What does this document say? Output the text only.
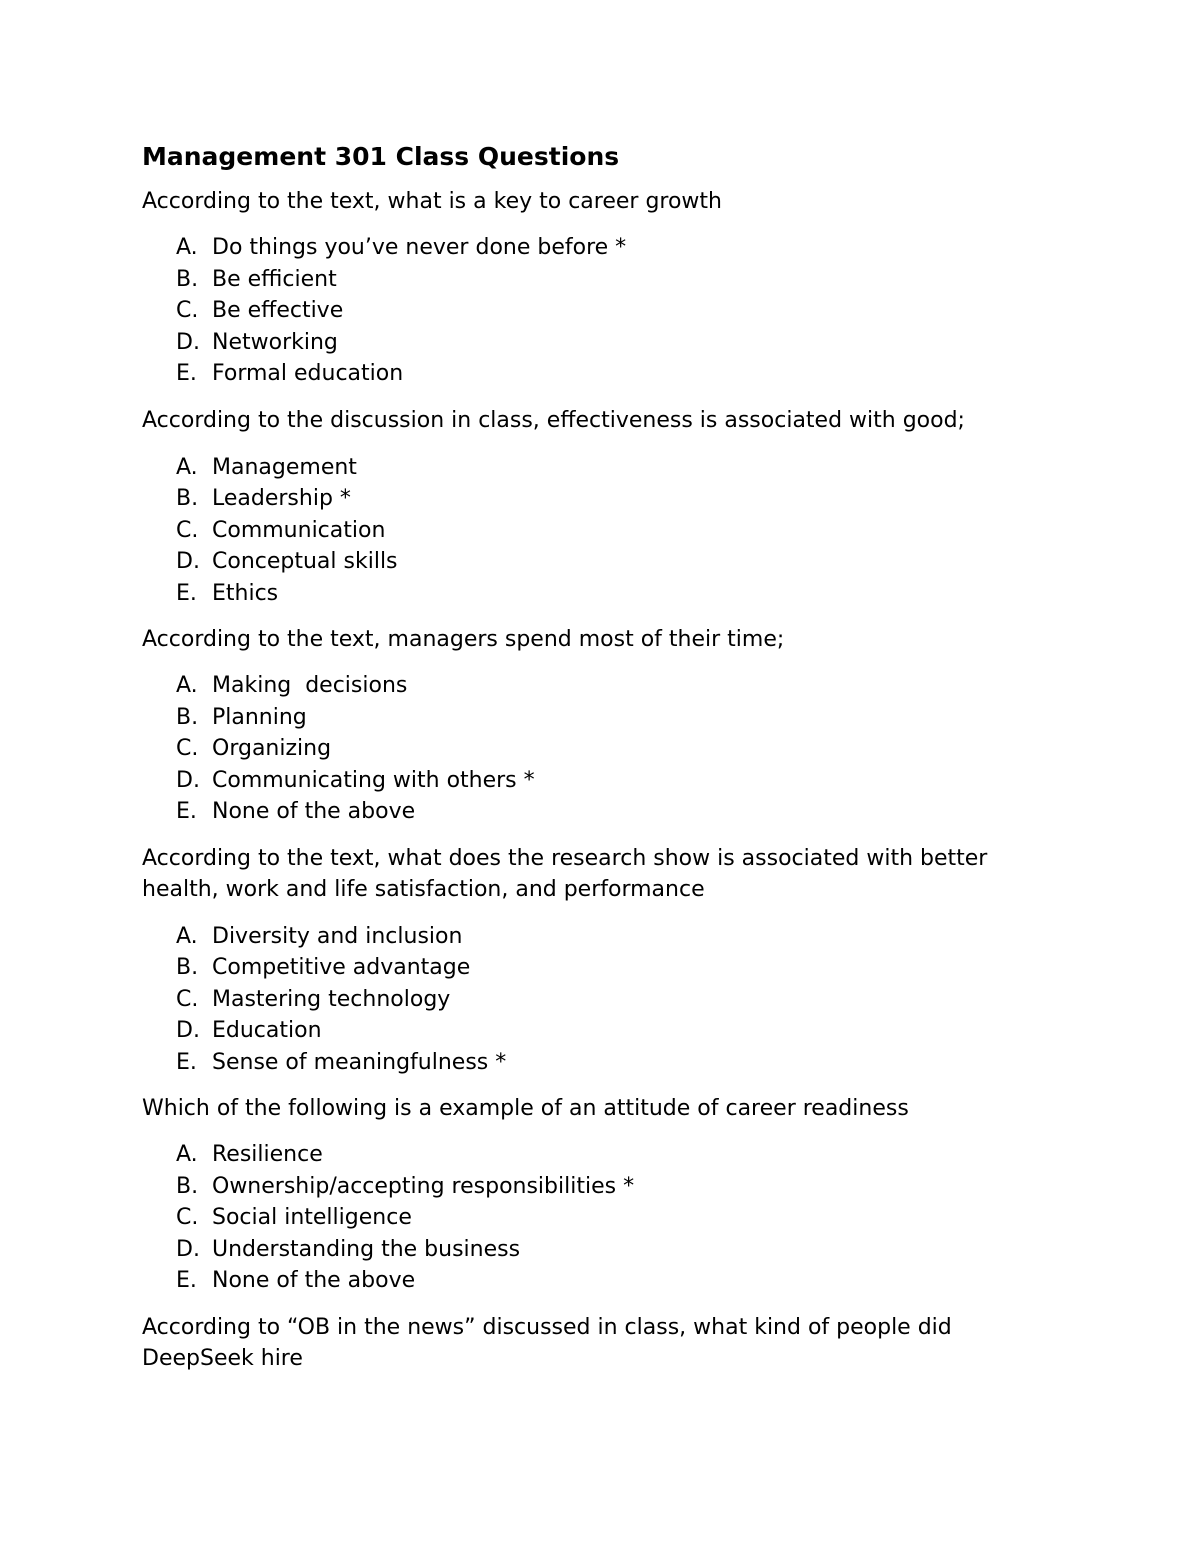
Management 301 Class Questions

According to the text, what is a key to career growth

A. Do things you’ve never done before *
B. Be efficient
C. Be effective
D. Networking
E. Formal education

According to the discussion in class, effectiveness is associated with good;

A. Management
B. Leadership *
C. Communication
D. Conceptual skills
E. Ethics

According to the text, managers spend most of their time;

A. Making  decisions
B. Planning
C. Organizing
D. Communicating with others *
E. None of the above

According to the text, what does the research show is associated with better health, work and life satisfaction, and performance

A. Diversity and inclusion
B. Competitive advantage
C. Mastering technology
D. Education
E. Sense of meaningfulness *

Which of the following is a example of an attitude of career readiness

A. Resilience
B. Ownership/accepting responsibilities *
C. Social intelligence
D. Understanding the business
E. None of the above

According to “OB in the news” discussed in class, what kind of people did DeepSeek hire
